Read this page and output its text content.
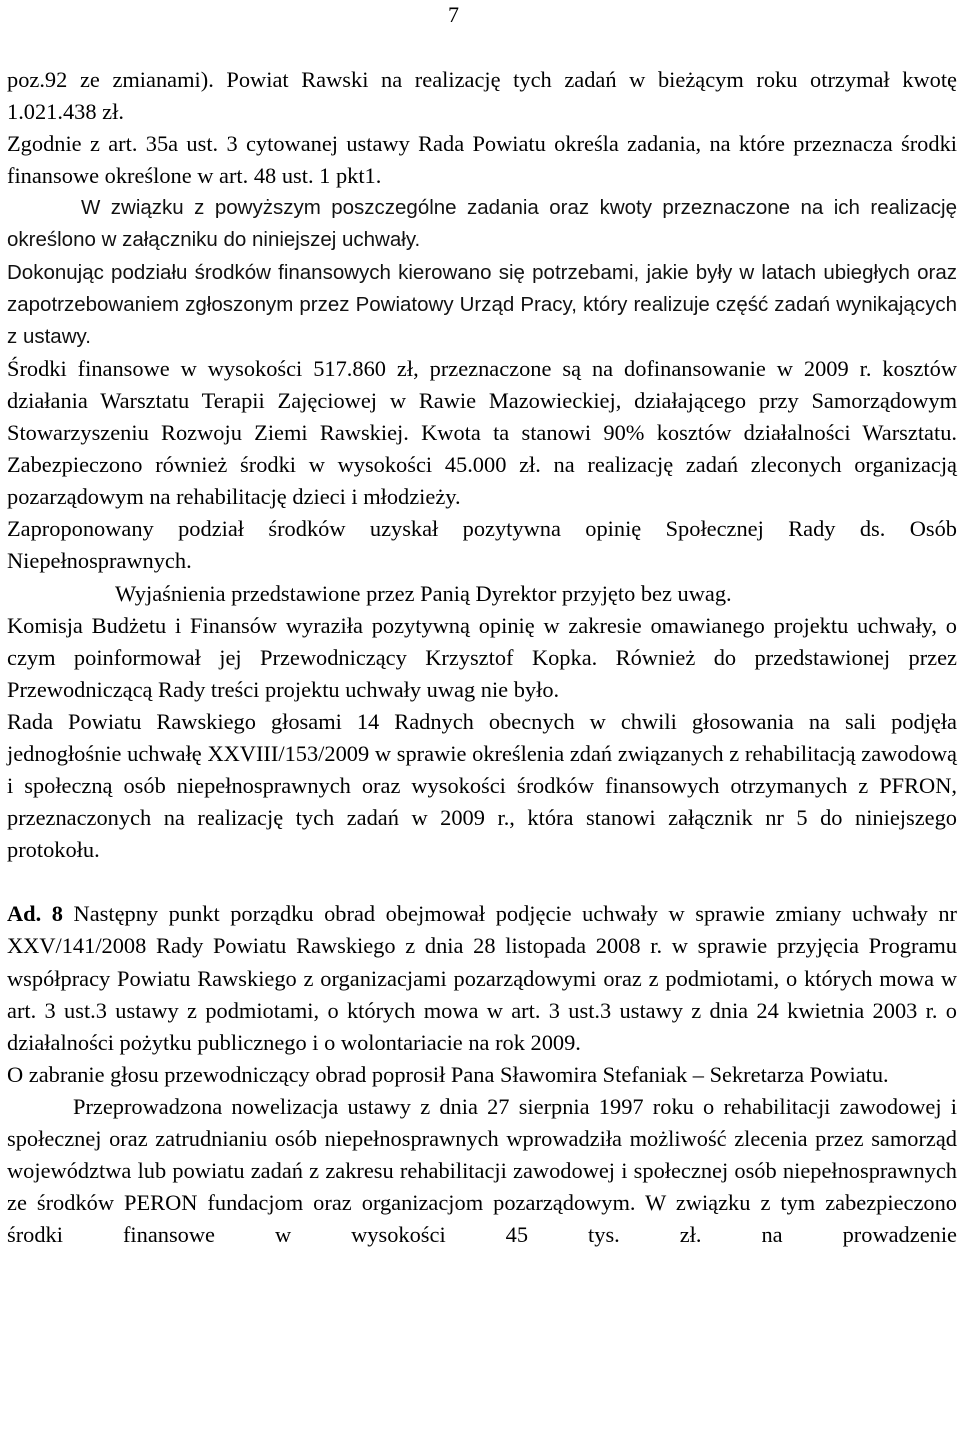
7

poz.92 ze zmianami). Powiat Rawski na realizację tych zadań w bieżącym roku otrzymał kwotę 1.021.438 zł.

Zgodnie z art. 35a ust. 3 cytowanej ustawy Rada Powiatu określa zadania, na które przeznacza środki finansowe określone w art. 48 ust. 1 pkt1.

W związku z powyższym poszczególne zadania oraz kwoty przeznaczone na ich realizację określono w załączniku do niniejszej uchwały.

Dokonując podziału środków finansowych kierowano się potrzebami, jakie były w latach ubiegłych oraz zapotrzebowaniem zgłoszonym przez Powiatowy Urząd Pracy, który realizuje część zadań wynikających z ustawy.

Środki finansowe w wysokości 517.860 zł, przeznaczone są na dofinansowanie w 2009 r. kosztów działania Warsztatu Terapii Zajęciowej w Rawie Mazowieckiej, działającego przy Samorządowym Stowarzyszeniu Rozwoju Ziemi Rawskiej. Kwota ta stanowi 90% kosztów działalności Warsztatu. Zabezpieczono również środki w wysokości 45.000 zł. na realizację zadań zleconych organizacją pozarządowym na rehabilitację dzieci i młodzieży.

Zaproponowany podział środków uzyskał pozytywna opinię Społecznej Rady ds. Osób Niepełnosprawnych.

Wyjaśnienia przedstawione przez Panią Dyrektor przyjęto bez uwag.

Komisja Budżetu i Finansów wyraziła pozytywną opinię w zakresie omawianego projektu uchwały, o czym poinformował jej Przewodniczący Krzysztof Kopka. Również do przedstawionej przez Przewodniczącą Rady treści projektu uchwały uwag nie było.

Rada Powiatu Rawskiego głosami 14 Radnych obecnych w chwili głosowania na sali podjęła jednogłośnie uchwałę XXVIII/153/2009 w sprawie określenia zdań związanych z rehabilitacją zawodową i społeczną osób niepełnosprawnych oraz wysokości środków finansowych otrzymanych z PFRON, przeznaczonych na realizację tych zadań w 2009 r., która stanowi załącznik nr 5 do niniejszego protokołu.

Ad. 8 Następny punkt porządku obrad obejmował podjęcie uchwały w sprawie zmiany uchwały nr XXV/141/2008 Rady Powiatu Rawskiego z dnia 28 listopada 2008 r. w sprawie przyjęcia Programu współpracy Powiatu Rawskiego z organizacjami pozarządowymi oraz z podmiotami, o których mowa w art. 3 ust.3 ustawy z podmiotami, o których mowa w art. 3 ust.3 ustawy z dnia 24 kwietnia 2003 r. o działalności pożytku publicznego i o wolontariacie na rok 2009.

O zabranie głosu przewodniczący obrad poprosił Pana Sławomira Stefaniak – Sekretarza Powiatu.

Przeprowadzona nowelizacja ustawy z dnia 27 sierpnia 1997 roku o rehabilitacji zawodowej i społecznej oraz zatrudnianiu osób niepełnosprawnych wprowadziła możliwość zlecenia przez samorząd województwa lub powiatu zadań z zakresu rehabilitacji zawodowej i społecznej osób niepełnosprawnych ze środków PERON fundacjom oraz organizacjom pozarządowym. W związku z tym zabezpieczono środki finansowe w wysokości 45 tys. zł. na prowadzenie
